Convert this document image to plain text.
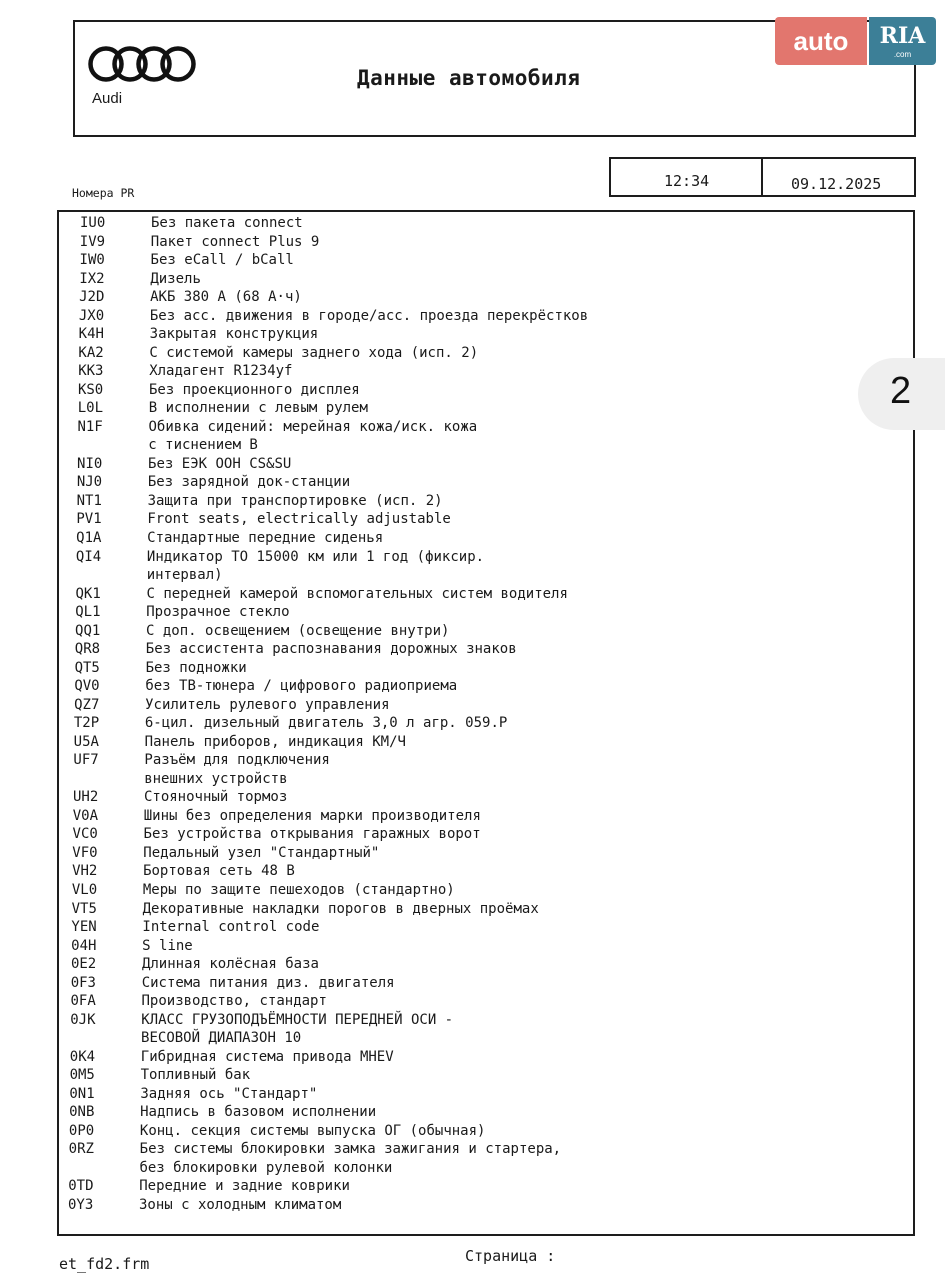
Audi
Данные автомобиля
auto	RIA
.com
12:34	09.12.2025
Номера PR
IU0	Без пакета connect
IV9	Пакет connect Plus 9
IW0	Без eCall / bCall
IX2	Дизель
J2D	АКБ 380 А (68 А·ч)
JX0	Без асс. движения в городе/асс. проезда перекрёстков
K4H	Закрытая конструкция
KA2	С системой камеры заднего хода (исп. 2)
KK3	Хладагент R1234yf
KS0	Без проекционного дисплея
L0L	В исполнении с левым рулем
N1F	Обивка сидений: мерейная кожа/иск. кожа
с тиснением В
NI0	Без ЕЭК ООН CS&SU
NJ0	Без зарядной док-станции
NT1	Защита при транспортировке (исп. 2)
PV1	Front seats, electrically adjustable
Q1A	Стандартные передние сиденья
QI4	Индикатор ТО 15000 км или 1 год (фиксир.
интервал)
QK1	С передней камерой вспомогательных систем водителя
QL1	Прозрачное стекло
QQ1	С доп. освещением (освещение внутри)
QR8	Без ассистента распознавания дорожных знаков
QT5	Без подножки
QV0	без ТВ-тюнера / цифрового радиоприема
QZ7	Усилитель рулевого управления
T2P	6-цил. дизельный двигатель 3,0 л агр. 059.P
U5A	Панель приборов, индикация КМ/Ч
UF7	Разъём для подключения
внешних устройств
UH2	Стояночный тормоз
V0A	Шины без определения марки производителя
VC0	Без устройства открывания гаражных ворот
VF0	Педальный узел "Стандартный"
VH2	Бортовая сеть 48 В
VL0	Меры по защите пешеходов (стандартно)
VT5	Декоративные накладки порогов в дверных проёмах
YEN	Internal control code
04H	S line
0E2	Длинная колёсная база
0F3	Система питания диз. двигателя
0FA	Производство, стандарт
0JK	КЛАСС ГРУЗОПОДЪЁМНОСТИ ПЕРЕДНЕЙ ОСИ -
ВЕСОВОЙ ДИАПАЗОН 10
0K4	Гибридная система привода MHEV
0M5	Топливный бак
0N1	Задняя ось "Стандарт"
0NB	Надпись в базовом исполнении
0P0	Конц. секция системы выпуска ОГ (обычная)
0RZ	Без системы блокировки замка зажигания и стартера,
без блокировки рулевой колонки
0TD	Передние и задние коврики
0Y3	Зоны с холодным климатом
2
et_fd2.frm	Страница :
